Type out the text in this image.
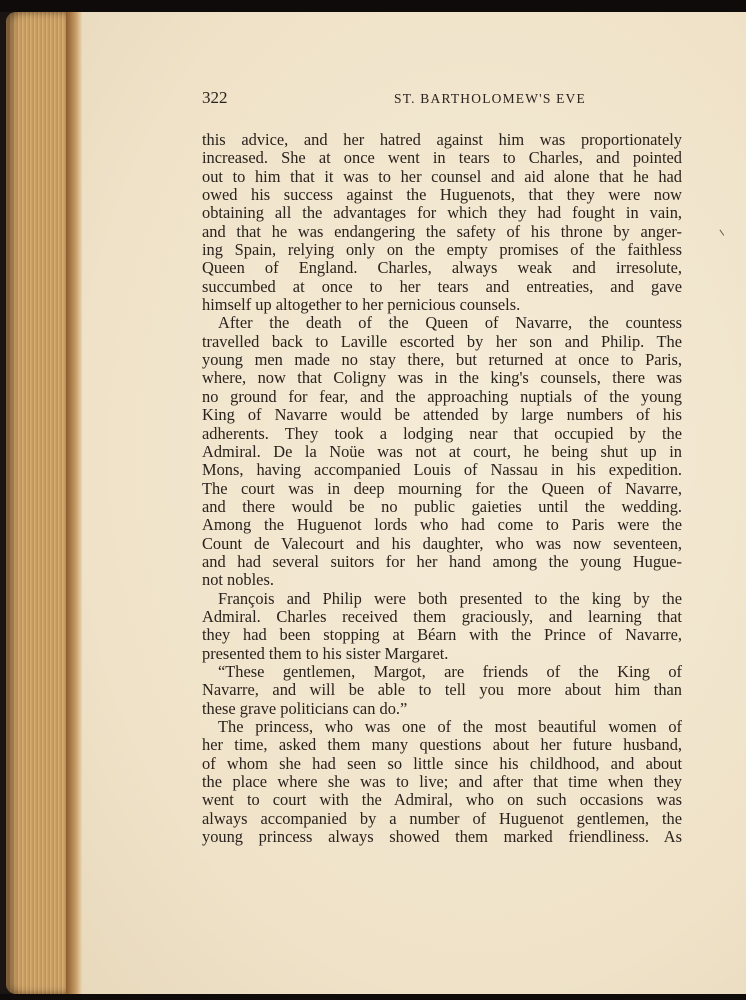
322	ST. BARTHOLOMEW'S EVE
this advice, and her hatred against him was proportionately
increased. She at once went in tears to Charles, and pointed
out to him that it was to her counsel and aid alone that he had
owed his success against the Huguenots, that they were now
obtaining all the advantages for which they had fought in vain,
and that he was endangering the safety of his throne by anger-
ing Spain, relying only on the empty promises of the faithless
Queen of England. Charles, always weak and irresolute,
succumbed at once to her tears and entreaties, and gave
himself up altogether to her pernicious counsels.
After the death of the Queen of Navarre, the countess
travelled back to Laville escorted by her son and Philip. The
young men made no stay there, but returned at once to Paris,
where, now that Coligny was in the king's counsels, there was
no ground for fear, and the approaching nuptials of the young
King of Navarre would be attended by large numbers of his
adherents. They took a lodging near that occupied by the
Admiral. De la Noüe was not at court, he being shut up in
Mons, having accompanied Louis of Nassau in his expedition.
The court was in deep mourning for the Queen of Navarre,
and there would be no public gaieties until the wedding.
Among the Huguenot lords who had come to Paris were the
Count de Valecourt and his daughter, who was now seventeen,
and had several suitors for her hand among the young Hugue-
not nobles.
François and Philip were both presented to the king by the
Admiral. Charles received them graciously, and learning that
they had been stopping at Béarn with the Prince of Navarre,
presented them to his sister Margaret.
“These gentlemen, Margot, are friends of the King of
Navarre, and will be able to tell you more about him than
these grave politicians can do.”
The princess, who was one of the most beautiful women of
her time, asked them many questions about her future husband,
of whom she had seen so little since his childhood, and about
the place where she was to live; and after that time when they
went to court with the Admiral, who on such occasions was
always accompanied by a number of Huguenot gentlemen, the
young princess always showed them marked friendliness. As
